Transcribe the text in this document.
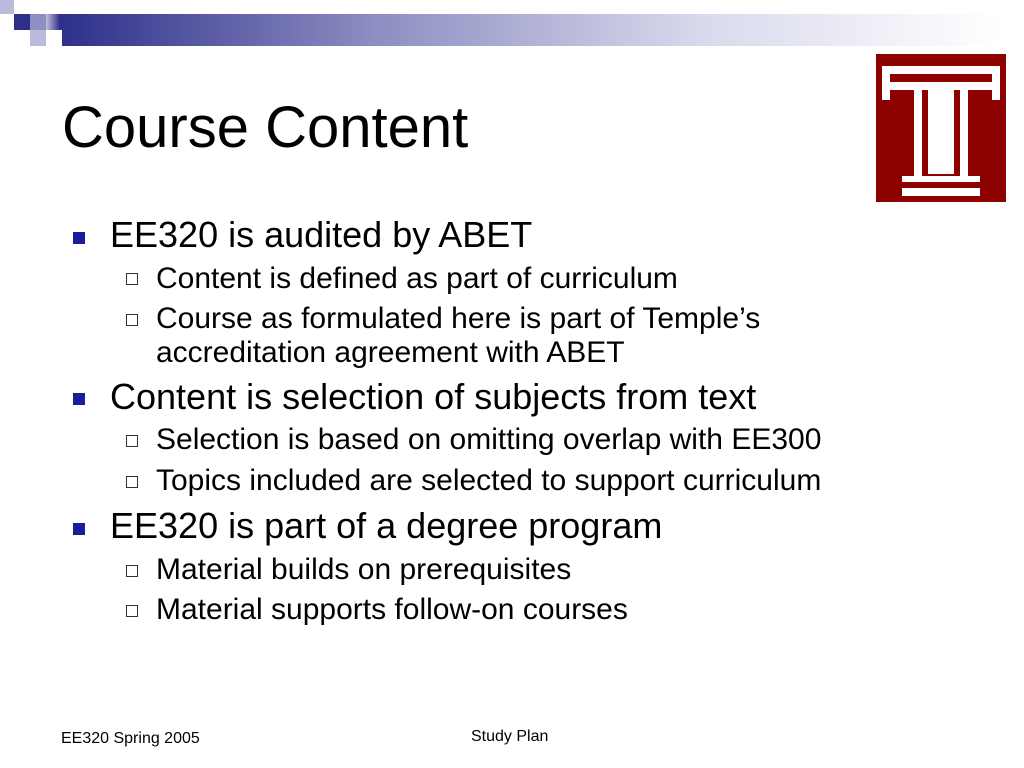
Course Content

EE320 is audited by ABET

Content is defined as part of curriculum

Course as formulated here is part of Temple’s accreditation agreement with ABET

Content is selection of subjects from text

Selection is based on omitting overlap with EE300

Topics included are selected to support curriculum

EE320 is part of a degree program

Material builds on prerequisites

Material supports follow-on courses

EE320 Spring 2005	Study Plan
